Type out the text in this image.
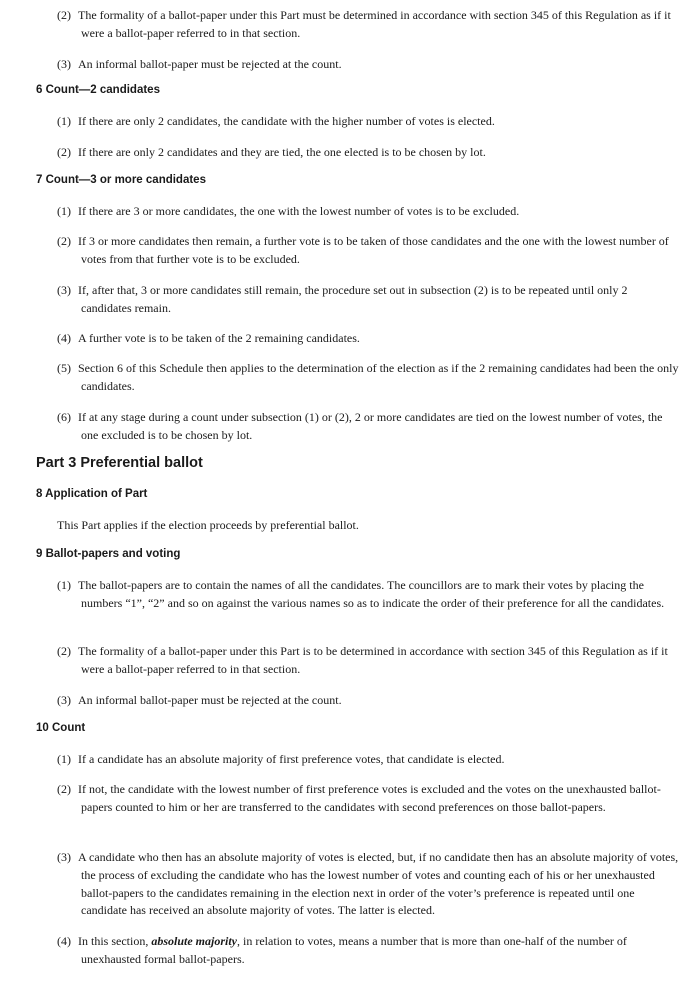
(2) The formality of a ballot-paper under this Part must be determined in accordance with section 345 of this Regulation as if it were a ballot-paper referred to in that section.
(3) An informal ballot-paper must be rejected at the count.
6 Count—2 candidates
(1) If there are only 2 candidates, the candidate with the higher number of votes is elected.
(2) If there are only 2 candidates and they are tied, the one elected is to be chosen by lot.
7 Count—3 or more candidates
(1) If there are 3 or more candidates, the one with the lowest number of votes is to be excluded.
(2) If 3 or more candidates then remain, a further vote is to be taken of those candidates and the one with the lowest number of votes from that further vote is to be excluded.
(3) If, after that, 3 or more candidates still remain, the procedure set out in subsection (2) is to be repeated until only 2 candidates remain.
(4) A further vote is to be taken of the 2 remaining candidates.
(5) Section 6 of this Schedule then applies to the determination of the election as if the 2 remaining candidates had been the only candidates.
(6) If at any stage during a count under subsection (1) or (2), 2 or more candidates are tied on the lowest number of votes, the one excluded is to be chosen by lot.
Part 3 Preferential ballot
8 Application of Part
This Part applies if the election proceeds by preferential ballot.
9 Ballot-papers and voting
(1) The ballot-papers are to contain the names of all the candidates. The councillors are to mark their votes by placing the numbers “1”, “2” and so on against the various names so as to indicate the order of their preference for all the candidates.
(2) The formality of a ballot-paper under this Part is to be determined in accordance with section 345 of this Regulation as if it were a ballot-paper referred to in that section.
(3) An informal ballot-paper must be rejected at the count.
10 Count
(1) If a candidate has an absolute majority of first preference votes, that candidate is elected.
(2) If not, the candidate with the lowest number of first preference votes is excluded and the votes on the unexhausted ballot-papers counted to him or her are transferred to the candidates with second preferences on those ballot-papers.
(3) A candidate who then has an absolute majority of votes is elected, but, if no candidate then has an absolute majority of votes, the process of excluding the candidate who has the lowest number of votes and counting each of his or her unexhausted ballot-papers to the candidates remaining in the election next in order of the voter’s preference is repeated until one candidate has received an absolute majority of votes. The latter is elected.
(4) In this section, absolute majority, in relation to votes, means a number that is more than one-half of the number of unexhausted formal ballot-papers.
